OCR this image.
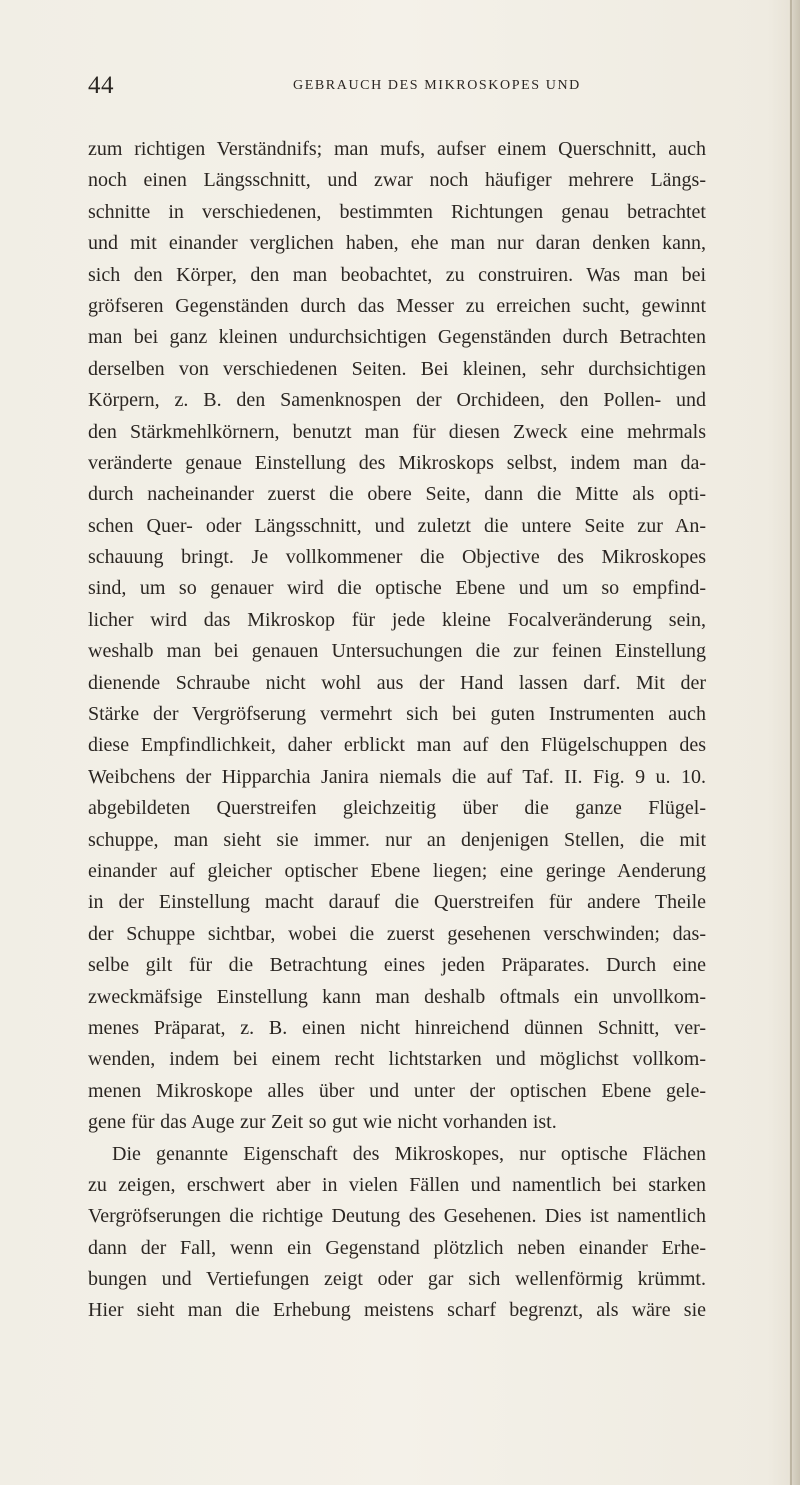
44	GEBRAUCH DES MIKROSKOPES UND
zum richtigen Verständnifs; man mufs, aufser einem Querschnitt, auch
noch einen Längsschnitt, und zwar noch häufiger mehrere Längs-
schnitte in verschiedenen, bestimmten Richtungen genau betrachtet
und mit einander verglichen haben, ehe man nur daran denken kann,
sich den Körper, den man beobachtet, zu construiren. Was man bei
gröfseren Gegenständen durch das Messer zu erreichen sucht, gewinnt
man bei ganz kleinen undurchsichtigen Gegenständen durch Betrachten
derselben von verschiedenen Seiten. Bei kleinen, sehr durchsichtigen
Körpern, z. B. den Samenknospen der Orchideen, den Pollen- und
den Stärkmehlkörnern, benutzt man für diesen Zweck eine mehrmals
veränderte genaue Einstellung des Mikroskops selbst, indem man da-
durch nacheinander zuerst die obere Seite, dann die Mitte als opti-
schen Quer- oder Längsschnitt, und zuletzt die untere Seite zur An-
schauung bringt. Je vollkommener die Objective des Mikroskopes
sind, um so genauer wird die optische Ebene und um so empfind-
licher wird das Mikroskop für jede kleine Focalveränderung sein,
weshalb man bei genauen Untersuchungen die zur feinen Einstellung
dienende Schraube nicht wohl aus der Hand lassen darf. Mit der
Stärke der Vergröfserung vermehrt sich bei guten Instrumenten auch
diese Empfindlichkeit, daher erblickt man auf den Flügelschuppen des
Weibchens der Hipparchia Janira niemals die auf Taf. II. Fig. 9 u. 10.
abgebildeten Querstreifen gleichzeitig über die ganze Flügel-
schuppe, man sieht sie immer. nur an denjenigen Stellen, die mit
einander auf gleicher optischer Ebene liegen; eine geringe Aenderung
in der Einstellung macht darauf die Querstreifen für andere Theile
der Schuppe sichtbar, wobei die zuerst gesehenen verschwinden; das-
selbe gilt für die Betrachtung eines jeden Präparates. Durch eine
zweckmäfsige Einstellung kann man deshalb oftmals ein unvollkom-
menes Präparat, z. B. einen nicht hinreichend dünnen Schnitt, ver-
wenden, indem bei einem recht lichtstarken und möglichst vollkom-
menen Mikroskope alles über und unter der optischen Ebene gele-
gene für das Auge zur Zeit so gut wie nicht vorhanden ist.
Die genannte Eigenschaft des Mikroskopes, nur optische Flächen
zu zeigen, erschwert aber in vielen Fällen und namentlich bei starken
Vergröfserungen die richtige Deutung des Gesehenen. Dies ist namentlich
dann der Fall, wenn ein Gegenstand plötzlich neben einander Erhe-
bungen und Vertiefungen zeigt oder gar sich wellenförmig krümmt.
Hier sieht man die Erhebung meistens scharf begrenzt, als wäre sie
